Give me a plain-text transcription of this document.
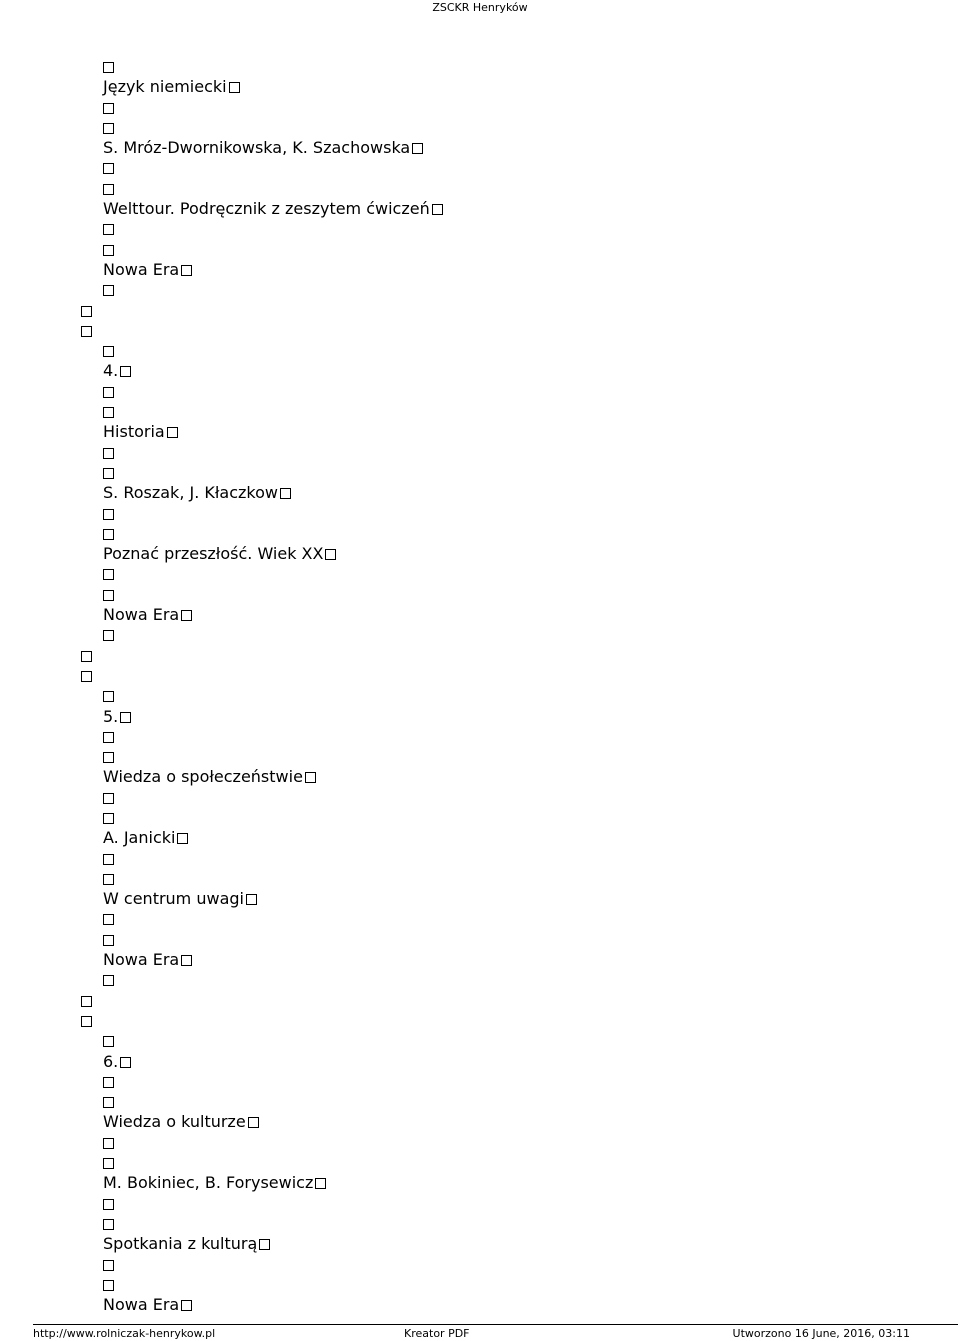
ZSCKR Henryków
Język niemiecki
S. Mróz-Dwornikowska, K. Szachowska
Welttour. Podręcznik z zeszytem ćwiczeń
Nowa Era
4.
Historia
S. Roszak, J. Kłaczkow
Poznać przeszłość. Wiek XX
Nowa Era
5.
Wiedza o społeczeństwie
A. Janicki
W centrum uwagi
Nowa Era
6.
Wiedza o kulturze
M. Bokiniec, B. Forysewicz
Spotkania z kulturą
Nowa Era
http://www.rolniczak-henrykow.pl	Kreator PDF	Utworzono 16 June, 2016, 03:11
